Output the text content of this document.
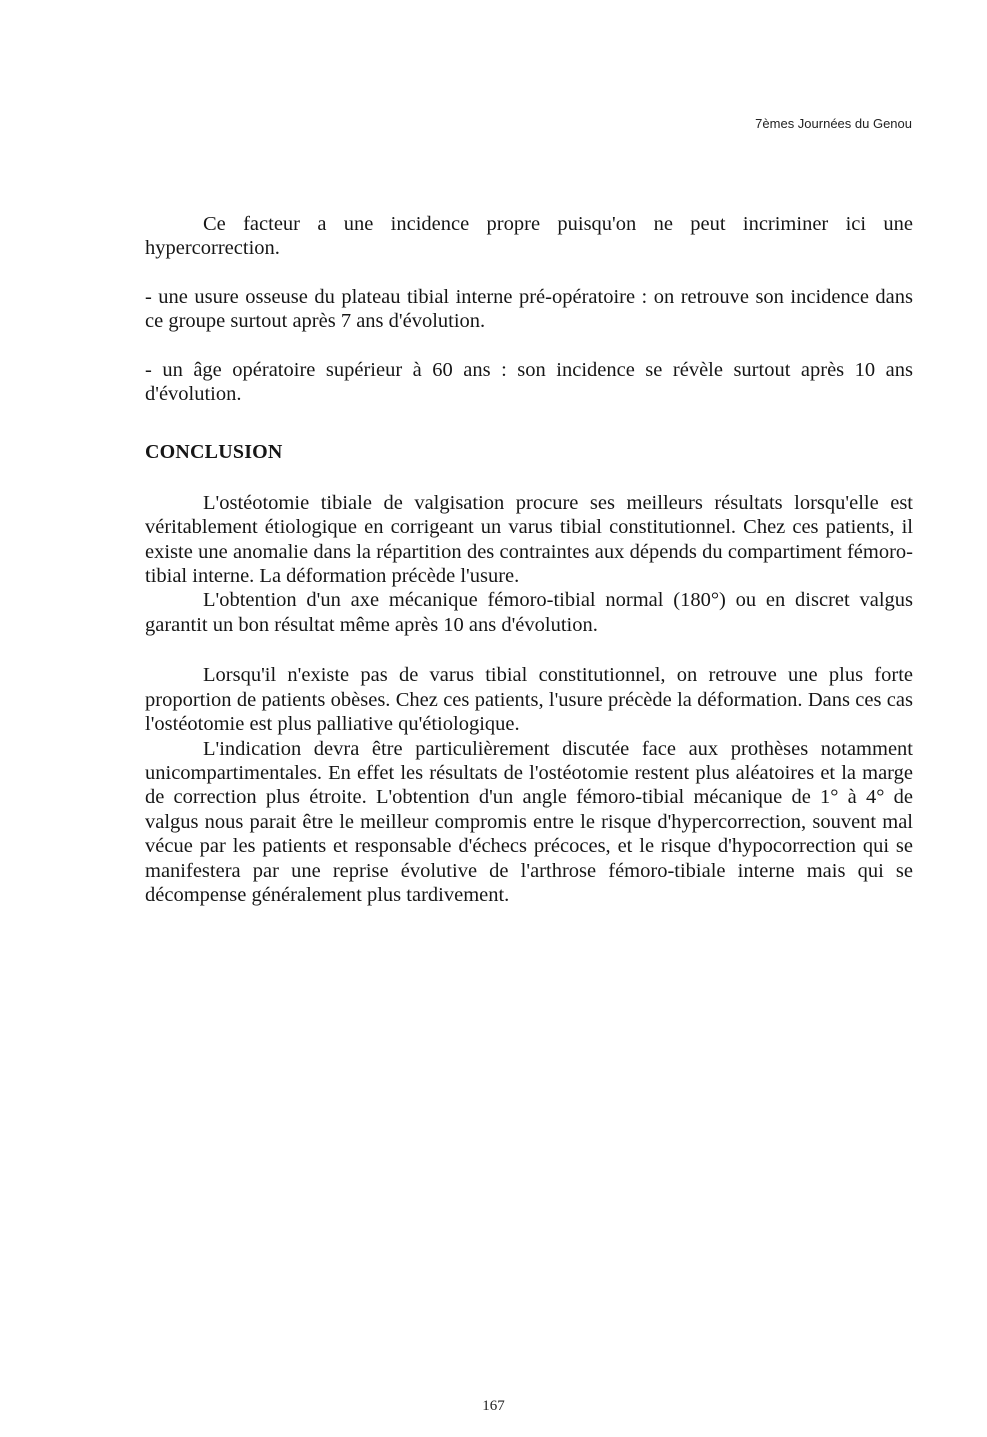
7èmes Journées du Genou

Ce facteur a une incidence propre puisqu'on ne peut incriminer ici une hypercorrection.

- une usure osseuse du plateau tibial interne pré-opératoire : on retrouve son incidence dans ce groupe surtout après 7 ans d'évolution.

- un âge opératoire supérieur à 60 ans : son incidence se révèle surtout après 10 ans d'évolution.

CONCLUSION

L'ostéotomie tibiale de valgisation procure ses meilleurs résultats lorsqu'elle est véritablement étiologique en corrigeant un varus tibial constitutionnel. Chez ces patients, il existe une anomalie dans la répartition des contraintes aux dépends du compartiment fémoro-tibial interne. La déformation précède l'usure.

L'obtention d'un axe mécanique fémoro-tibial normal (180°) ou en discret valgus garantit un bon résultat même après 10 ans d'évolution.

Lorsqu'il n'existe pas de varus tibial constitutionnel, on retrouve une plus forte proportion de patients obèses. Chez ces patients, l'usure précède la déformation. Dans ces cas l'ostéotomie est plus palliative qu'étiologique.

L'indication devra être particulièrement discutée face aux prothèses notamment unicompartimentales. En effet les résultats de l'ostéotomie restent plus aléatoires et la marge de correction plus étroite. L'obtention d'un angle fémoro-tibial mécanique de 1° à 4° de valgus nous parait être le meilleur compromis entre le risque d'hypercorrection, souvent mal vécue par les patients et responsable d'échecs précoces, et le risque d'hypocorrection qui se manifestera par une reprise évolutive de l'arthrose fémoro-tibiale interne mais qui se décompense généralement plus tardivement.

167
